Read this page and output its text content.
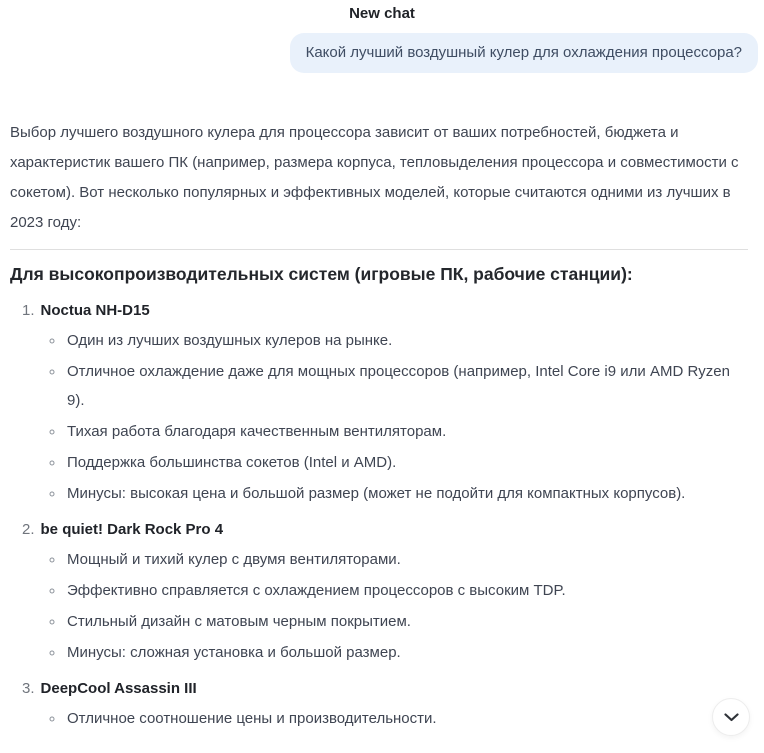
New chat
Какой лучший воздушный кулер для охлаждения процессора?

Выбор лучшего воздушного кулера для процессора зависит от ваших потребностей, бюджета и характеристик вашего ПК (например, размера корпуса, тепловыделения процессора и совместимости с сокетом). Вот несколько популярных и эффективных моделей, которые считаются одними из лучших в 2023 году:

Для высокопроизводительных систем (игровые ПК, рабочие станции):
1. Noctua NH-D15
◦ Один из лучших воздушных кулеров на рынке.
◦ Отличное охлаждение даже для мощных процессоров (например, Intel Core i9 или AMD Ryzen 9).
◦ Тихая работа благодаря качественным вентиляторам.
◦ Поддержка большинства сокетов (Intel и AMD).
◦ Минусы: высокая цена и большой размер (может не подойти для компактных корпусов).
2. be quiet! Dark Rock Pro 4
◦ Мощный и тихий кулер с двумя вентиляторами.
◦ Эффективно справляется с охлаждением процессоров с высоким TDP.
◦ Стильный дизайн с матовым черным покрытием.
◦ Минусы: сложная установка и большой размер.
3. DeepCool Assassin III
◦ Отличное соотношение цены и производительности.
